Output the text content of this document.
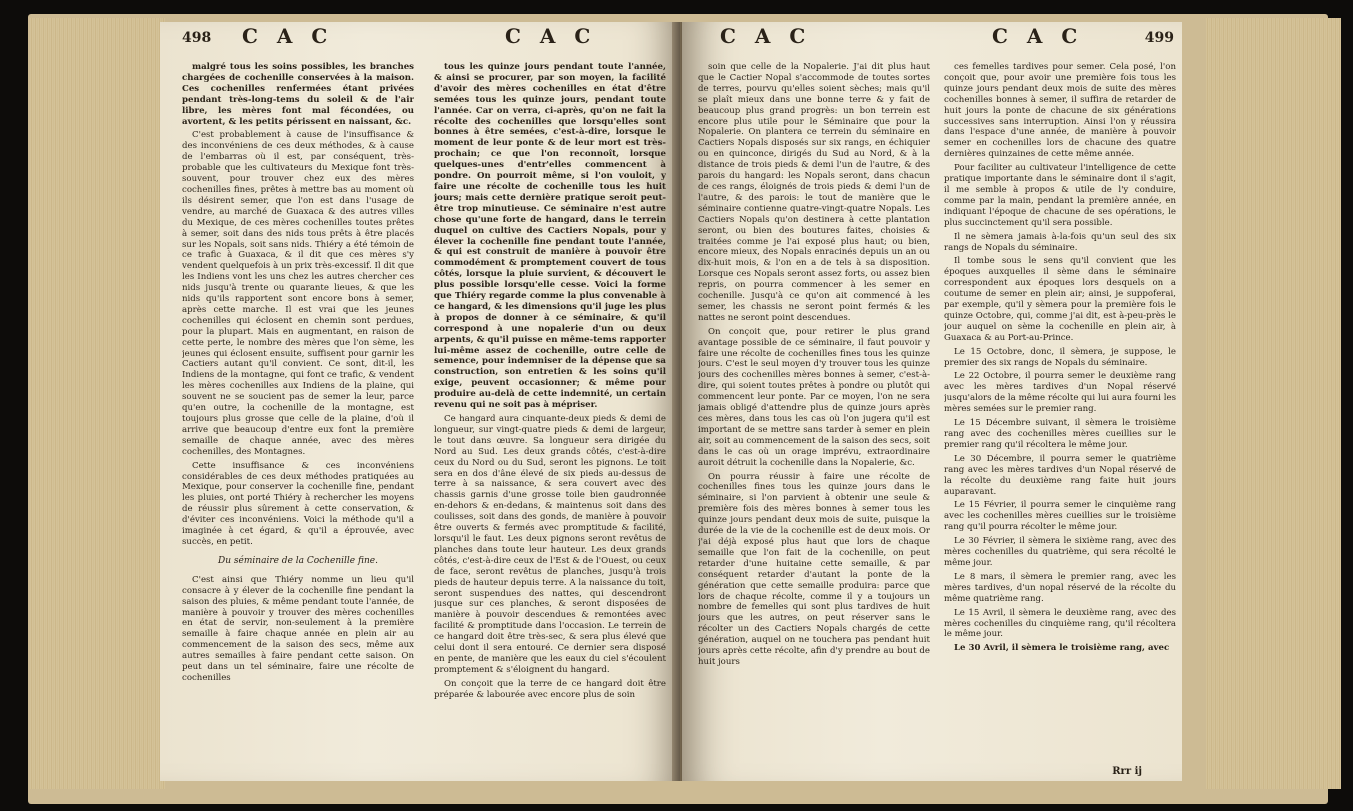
498 C A C	C A C

malgré tous les soins possibles, les branches chargées de cochenille conservées à la maison. Ces cochenilles renfermées étant privées pendant très-long-tems du soleil & de l'air libre, les mères font mal fécondées, ou avortent, & les petits périssent en naissant, &c.

C'est probablement à cause de l'insuffisance & des inconvéniens de ces deux méthodes, & à cause de l'embarras où il est, par conséquent, très-probable que les cultivateurs du Mexique font très-souvent, pour trouver chez eux des mères cochenilles fines, prêtes à mettre bas au moment où ils désirent semer, que l'on est dans l'usage de vendre, au marché de Guaxaca & des autres villes du Mexique, de ces mères cochenilles toutes prêtes à semer, soit dans des nids tous prêts à être placés sur les Nopals, soit sans nids. Thiéry a été témoin de ce trafic à Guaxaca, & il dit que ces mères s'y vendent quelquefois à un prix très-excessif. Il dit que les Indiens vont les uns chez les autres chercher ces nids jusqu'à trente ou quarante lieues, & que les nids qu'ils rapportent sont encore bons à semer, après cette marche. Il est vrai que les jeunes cochenilles qui éclosent en chemin sont perdues, pour la plupart. Mais en augmentant, en raison de cette perte, le nombre des mères que l'on sème, les jeunes qui éclosent ensuite, suffisent pour garnir les Cactiers autant qu'il convient. Ce sont, dit-il, les Indiens de la montagne, qui font ce trafic, & vendent les mères cochenilles aux Indiens de la plaine, qui souvent ne se soucient pas de semer la leur, parce qu'en outre, la cochenille de la montagne, est toujours plus grosse que celle de la plaine, d'où il arrive que beaucoup d'entre eux font la première semaille de chaque année, avec des mères cochenilles, des Montagnes.

Cette insuffisance & ces inconvéniens considérables de ces deux méthodes pratiquées au Mexique, pour conserver la cochenille fine, pendant les pluies, ont porté Thiéry à rechercher les moyens de réussir plus sûrement à cette conservation, & d'éviter ces inconvéniens. Voici la méthode qu'il a imaginée à cet égard, & qu'il a éprouvée, avec succès, en petit.

Du séminaire de la Cochenille fine.

C'est ainsi que Thiéry nomme un lieu qu'il consacre à y élever de la cochenille fine pendant la saison des pluies, & même pendant toute l'année, de manière à pouvoir y trouver des mères cochenilles en état de servir, non-seulement à la première semaille à faire chaque année en plein air au commencement de la saison des secs, même aux autres semailles à faire pendant cette saison. On peut dans un tel séminaire, faire une récolte de cochenilles

tous les quinze jours pendant toute l'année, & ainsi se procurer, par son moyen, la facilité d'avoir des mères cochenilles en état d'être semées tous les quinze jours, pendant toute l'année. Car on verra, ci-après, qu'on ne fait la récolte des cochenilles que lorsqu'elles sont bonnes à être semées, c'est-à-dire, lorsque le moment de leur ponte & de leur mort est très-prochain; ce que l'on reconnoît, lorsque quelques-unes d'entr'elles commencent à pondre. On pourroit même, si l'on vouloit, y faire une récolte de cochenille tous les huit jours; mais cette dernière pratique seroit peut-être trop minutieuse. Ce séminaire n'est autre chose qu'une forte de hangard, dans le terrein duquel on cultive des Cactiers Nopals, pour y élever la cochenille fine pendant toute l'année, & qui est construit de manière à pouvoir être commodément & promptement couvert de tous côtés, lorsque la pluie survient, & découvert le plus possible lorsqu'elle cesse. Voici la forme que Thiéry regarde comme la plus convenable à ce hangard, & les dimensions qu'il juge les plus à propos de donner à ce séminaire, & qu'il correspond à une nopalerie d'un ou deux arpents, & qu'il puisse en même-tems rapporter lui-même assez de cochenille, outre celle de semence, pour indemniser de la dépense que sa construction, son entretien & les soins qu'il exige, peuvent occasionner; & même pour produire au-delà de cette indemnité, un certain revenu qui ne soit pas à mépriser.

Ce hangard aura cinquante-deux pieds & demi de longueur, sur vingt-quatre pieds & demi de largeur, le tout dans œuvre. Sa longueur sera dirigée du Nord au Sud. Les deux grands côtés, c'est-à-dire ceux du Nord ou du Sud, seront les pignons. Le toit sera en dos d'âne élevé de six pieds au-dessus de terre à sa naissance, & sera couvert avec des chassis garnis d'une grosse toile bien gaudronnée en-dehors & en-dedans, & maintenus soit dans des coulisses, soit dans des gonds, de manière à pouvoir être ouverts & fermés avec promptitude & facilité, lorsqu'il le faut. Les deux pignons seront revêtus de planches dans toute leur hauteur. Les deux grands côtés, c'est-à-dire ceux de l'Est & de l'Ouest, ou ceux de face, seront revêtus de planches, jusqu'à trois pieds de hauteur depuis terre. A la naissance du toit, seront suspendues des nattes, qui descendront jusque sur ces planches, & seront disposées de manière à pouvoir descendues & remontées avec facilité & promptitude dans l'occasion. Le terrein de ce hangard doit être très-sec, & sera plus élevé que celui dont il sera entouré. Ce dernier sera disposé en pente, de manière que les eaux du ciel s'écoulent promptement & s'éloignent du hangard.

On conçoit que la terre de ce hangard doit être préparée & labourée avec encore plus de soin

C A C	C A C	499

soin que celle de la Nopalerie. J'ai dit plus haut que le Cactier Nopal s'accommode de toutes sortes de terres, pourvu qu'elles soient sèches; mais qu'il se plaît mieux dans une bonne terre & y fait de beaucoup plus grand progrès: un bon terrein est encore plus utile pour le Séminaire que pour la Nopalerie. On plantera ce terrein du séminaire en Cactiers Nopals disposés sur six rangs, en échiquier ou en quinconce, dirigés du Sud au Nord, & à la distance de trois pieds & demi l'un de l'autre, & des parois du hangard: les Nopals seront, dans chacun de ces rangs, éloignés de trois pieds & demi l'un de l'autre, & des parois: le tout de manière que le séminaire contienne quatre-vingt-quatre Nopals. Les Cactiers Nopals qu'on destinera à cette plantation seront, ou bien des boutures faites, choisies & traitées comme je l'ai exposé plus haut; ou bien, encore mieux, des Nopals enracinés depuis un an ou dix-huit mois, & l'on en a de tels à sa disposition. Lorsque ces Nopals seront assez forts, ou assez bien repris, on pourra commencer à les semer en cochenille. Jusqu'à ce qu'on ait commencé à les semer, les chassis ne seront point fermés & les nattes ne seront point descendues.

On conçoit que, pour retirer le plus grand avantage possible de ce séminaire, il faut pouvoir y faire une récolte de cochenilles fines tous les quinze jours. C'est le seul moyen d'y trouver tous les quinze jours des cochenilles mères bonnes à semer, c'est-à-dire, qui soient toutes prêtes à pondre ou plutôt qui commencent leur ponte. Par ce moyen, l'on ne sera jamais obligé d'attendre plus de quinze jours après ces mères, dans tous les cas où l'on jugera qu'il est important de se mettre sans tarder à semer en plein air, soit au commencement de la saison des secs, soit dans le cas où un orage imprévu, extraordinaire auroit détruit la cochenille dans la Nopalerie, &c.

On pourra réussir à faire une récolte de cochenilles fines tous les quinze jours dans le séminaire, si l'on parvient à obtenir une seule & première fois des mères bonnes à semer tous les quinze jours pendant deux mois de suite, puisque la durée de la vie de la cochenille est de deux mois. Or j'ai déjà exposé plus haut que lors de chaque semaille que l'on fait de la cochenille, on peut retarder d'une huitaine cette semaille, & par conséquent retarder d'autant la ponte de la génération que cette semaille produira: parce que lors de chaque récolte, comme il y a toujours un nombre de femelles qui sont plus tardives de huit jours que les autres, on peut réserver sans le récolter un des Cactiers Nopals chargés de cette génération, auquel on ne touchera pas pendant huit jours après cette récolte, afin d'y prendre au bout de huit jours

ces femelles tardives pour semer. Cela posé, l'on conçoit que, pour avoir une première fois tous les quinze jours pendant deux mois de suite des mères cochenilles bonnes à semer, il suffira de retarder de huit jours la ponte de chacune de six générations successives sans interruption. Ainsi l'on y réussira dans l'espace d'une année, de manière à pouvoir semer en cochenilles lors de chacune des quatre dernières quinzaines de cette même année.

Pour faciliter au cultivateur l'intelligence de cette pratique importante dans le séminaire dont il s'agit, il me semble à propos & utile de l'y conduire, comme par la main, pendant la première année, en indiquant l'époque de chacune de ses opérations, le plus succinctement qu'il sera possible.

Il ne sèmera jamais à-la-fois qu'un seul des six rangs de Nopals du séminaire.

Il tombe sous le sens qu'il convient que les époques auxquelles il sème dans le séminaire correspondent aux époques lors desquels on a coutume de semer en plein air; ainsi, je suppoferai, par exemple, qu'il y sèmera pour la première fois le quinze Octobre, qui, comme j'ai dit, est à-peu-près le jour auquel on sème la cochenille en plein air, à Guaxaca & au Port-au-Prince.

Le 15 Octobre, donc, il sèmera, je suppose, le premier des six rangs de Nopals du séminaire.

Le 22 Octobre, il pourra semer le deuxième rang avec les mères tardives d'un Nopal réservé jusqu'alors de la même récolte qui lui aura fourni les mères semées sur le premier rang.

Le 15 Décembre suivant, il sèmera le troisième rang avec des cochenilles mères cueillies sur le premier rang qu'il récoltera le même jour.

Le 30 Décembre, il pourra semer le quatrième rang avec les mères tardives d'un Nopal réservé de la récolte du deuxième rang faite huit jours auparavant.

Le 15 Février, il pourra semer le cinquième rang avec les cochenilles mères cueillies sur le troisième rang qu'il pourra récolter le même jour.

Le 30 Février, il sèmera le sixième rang, avec des mères cochenilles du quatrième, qui sera récolté le même jour.

Le 8 mars, il sèmera le premier rang, avec les mères tardives, d'un nopal réservé de la récolte du même quatrième rang.

Le 15 Avril, il sèmera le deuxième rang, avec des mères cochenilles du cinquième rang, qu'il récoltera le même jour.

Le 30 Avril, il sèmera le troisième rang, avec

Rrr ij
